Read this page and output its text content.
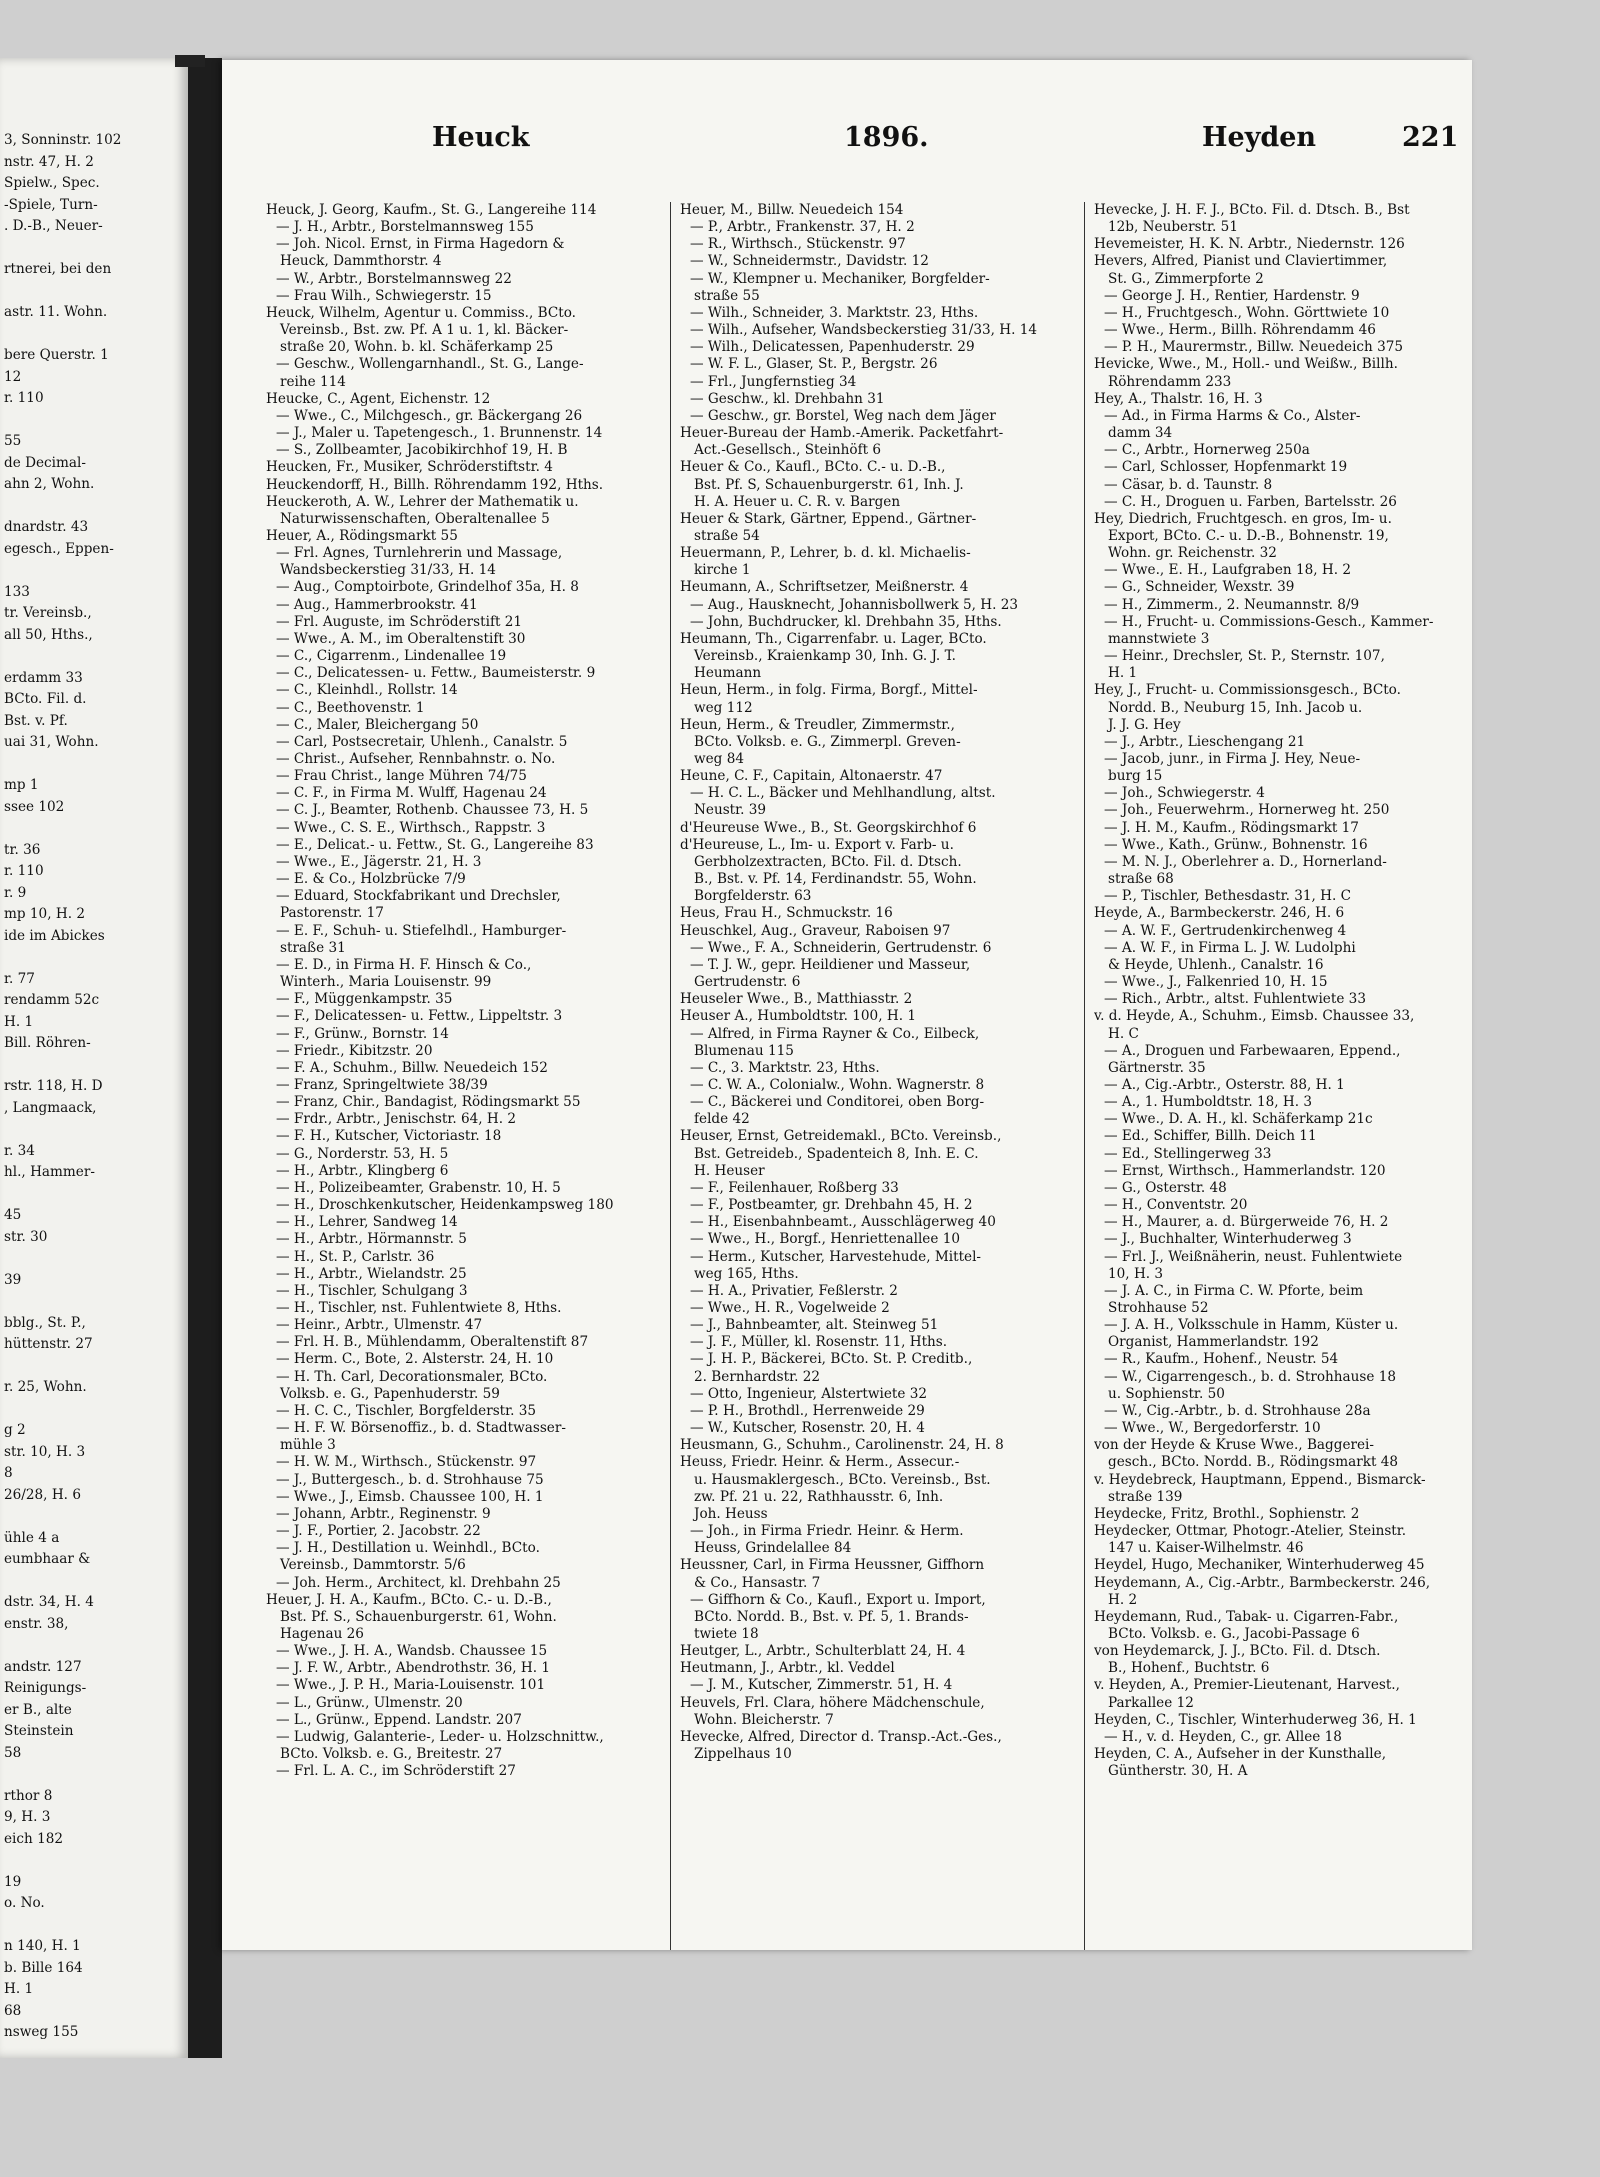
3, Sonninstr. 102
nstr. 47, H. 2
Spielw., Spec.
-Spiele, Turn-
. D.-B., Neuer-

rtnerei, bei den

astr. 11. Wohn.

bere Querstr. 1
12
r. 110

55
de Decimal-
ahn 2, Wohn.

dnardstr. 43
egesch., Eppen-

133
tr. Vereinsb.,
all 50, Hths.,

erdamm 33
BCto. Fil. d.
Bst. v. Pf.
uai 31, Wohn.

mp 1
ssee 102

tr. 36
r. 110
r. 9
mp 10, H. 2
ide im Abickes

r. 77
rendamm 52c
H. 1
Bill. Röhren-

rstr. 118, H. D
, Langmaack,

r. 34
hl., Hammer-

45
str. 30

39

bblg., St. P.,
hüttenstr. 27

r. 25, Wohn.

g 2
str. 10, H. 3
8
26/28, H. 6

ühle 4 a
eumbhaar &

dstr. 34, H. 4
enstr. 38,

andstr. 127
Reinigungs-
er B., alte
Steinstein
58

rthor 8
9, H. 3
eich 182

19
o. No.

n 140, H. 1
b. Bille 164
H. 1
68
nsweg 155
Heuck	1896.	Heyden	221
Heuck, J. Georg, Kaufm., St. G., Langereihe 114
— J. H., Arbtr., Borstelmannsweg 155
— Joh. Nicol. Ernst, in Firma Hagedorn &
Heuck, Dammthorstr. 4
— W., Arbtr., Borstelmannsweg 22
— Frau Wilh., Schwiegerstr. 15
Heuck, Wilhelm, Agentur u. Commiss., BCto.
Vereinsb., Bst. zw. Pf. A 1 u. 1, kl. Bäcker-
straße 20, Wohn. b. kl. Schäferkamp 25
— Geschw., Wollengarnhandl., St. G., Lange-
reihe 114
Heucke, C., Agent, Eichenstr. 12
— Wwe., C., Milchgesch., gr. Bäckergang 26
— J., Maler u. Tapetengesch., 1. Brunnenstr. 14
— S., Zollbeamter, Jacobikirchhof 19, H. B
Heucken, Fr., Musiker, Schröderstiftstr. 4
Heuckendorff, H., Billh. Röhrendamm 192, Hths.
Heuckeroth, A. W., Lehrer der Mathematik u.
Naturwissenschaften, Oberaltenallee 5
Heuer, A., Rödingsmarkt 55
— Frl. Agnes, Turnlehrerin und Massage,
Wandsbeckerstieg 31/33, H. 14
— Aug., Comptoirbote, Grindelhof 35a, H. 8
— Aug., Hammerbrookstr. 41
— Frl. Auguste, im Schröderstift 21
— Wwe., A. M., im Oberaltenstift 30
— C., Cigarrenm., Lindenallee 19
— C., Delicatessen- u. Fettw., Baumeisterstr. 9
— C., Kleinhdl., Rollstr. 14
— C., Beethovenstr. 1
— C., Maler, Bleichergang 50
— Carl, Postsecretair, Uhlenh., Canalstr. 5
— Christ., Aufseher, Rennbahnstr. o. No.
— Frau Christ., lange Mühren 74/75
— C. F., in Firma M. Wulff, Hagenau 24
— C. J., Beamter, Rothenb. Chaussee 73, H. 5
— Wwe., C. S. E., Wirthsch., Rappstr. 3
— E., Delicat.- u. Fettw., St. G., Langereihe 83
— Wwe., E., Jägerstr. 21, H. 3
— E. & Co., Holzbrücke 7/9
— Eduard, Stockfabrikant und Drechsler,
Pastorenstr. 17
— E. F., Schuh- u. Stiefelhdl., Hamburger-
straße 31
— E. D., in Firma H. F. Hinsch & Co.,
Winterh., Maria Louisenstr. 99
— F., Müggenkampstr. 35
— F., Delicatessen- u. Fettw., Lippeltstr. 3
— F., Grünw., Bornstr. 14
— Friedr., Kibitzstr. 20
— F. A., Schuhm., Billw. Neuedeich 152
— Franz, Springeltwiete 38/39
— Franz, Chir., Bandagist, Rödingsmarkt 55
— Frdr., Arbtr., Jenischstr. 64, H. 2
— F. H., Kutscher, Victoriastr. 18
— G., Norderstr. 53, H. 5
— H., Arbtr., Klingberg 6
— H., Polizeibeamter, Grabenstr. 10, H. 5
— H., Droschkenkutscher, Heidenkampsweg 180
— H., Lehrer, Sandweg 14
— H., Arbtr., Hörmannstr. 5
— H., St. P., Carlstr. 36
— H., Arbtr., Wielandstr. 25
— H., Tischler, Schulgang 3
— H., Tischler, nst. Fuhlentwiete 8, Hths.
— Heinr., Arbtr., Ulmenstr. 47
— Frl. H. B., Mühlendamm, Oberaltenstift 87
— Herm. C., Bote, 2. Alsterstr. 24, H. 10
— H. Th. Carl, Decorationsmaler, BCto.
Volksb. e. G., Papenhuderstr. 59
— H. C. C., Tischler, Borgfelderstr. 35
— H. F. W. Börsenoffiz., b. d. Stadtwasser-
mühle 3
— H. W. M., Wirthsch., Stückenstr. 97
— J., Buttergesch., b. d. Strohhause 75
— Wwe., J., Eimsb. Chaussee 100, H. 1
— Johann, Arbtr., Reginenstr. 9
— J. F., Portier, 2. Jacobstr. 22
— J. H., Destillation u. Weinhdl., BCto.
Vereinsb., Dammtorstr. 5/6
— Joh. Herm., Architect, kl. Drehbahn 25
Heuer, J. H. A., Kaufm., BCto. C.- u. D.-B.,
Bst. Pf. S., Schauenburgerstr. 61, Wohn.
Hagenau 26
— Wwe., J. H. A., Wandsb. Chaussee 15
— J. F. W., Arbtr., Abendrothstr. 36, H. 1
— Wwe., J. P. H., Maria-Louisenstr. 101
— L., Grünw., Ulmenstr. 20
— L., Grünw., Eppend. Landstr. 207
— Ludwig, Galanterie-, Leder- u. Holzschnittw.,
BCto. Volksb. e. G., Breitestr. 27
— Frl. L. A. C., im Schröderstift 27
Heuer, M., Billw. Neuedeich 154
— P., Arbtr., Frankenstr. 37, H. 2
— R., Wirthsch., Stückenstr. 97
— W., Schneidermstr., Davidstr. 12
— W., Klempner u. Mechaniker, Borgfelder-
straße 55
— Wilh., Schneider, 3. Marktstr. 23, Hths.
— Wilh., Aufseher, Wandsbeckerstieg 31/33, H. 14
— Wilh., Delicatessen, Papenhuderstr. 29
— W. F. L., Glaser, St. P., Bergstr. 26
— Frl., Jungfernstieg 34
— Geschw., kl. Drehbahn 31
— Geschw., gr. Borstel, Weg nach dem Jäger
Heuer-Bureau der Hamb.-Amerik. Packetfahrt-
Act.-Gesellsch., Steinhöft 6
Heuer & Co., Kaufl., BCto. C.- u. D.-B.,
Bst. Pf. S, Schauenburgerstr. 61, Inh. J.
H. A. Heuer u. C. R. v. Bargen
Heuer & Stark, Gärtner, Eppend., Gärtner-
straße 54
Heuermann, P., Lehrer, b. d. kl. Michaelis-
kirche 1
Heumann, A., Schriftsetzer, Meißnerstr. 4
— Aug., Hausknecht, Johannisbollwerk 5, H. 23
— John, Buchdrucker, kl. Drehbahn 35, Hths.
Heumann, Th., Cigarrenfabr. u. Lager, BCto.
Vereinsb., Kraienkamp 30, Inh. G. J. T.
Heumann
Heun, Herm., in folg. Firma, Borgf., Mittel-
weg 112
Heun, Herm., & Treudler, Zimmermstr.,
BCto. Volksb. e. G., Zimmerpl. Greven-
weg 84
Heune, C. F., Capitain, Altonaerstr. 47
— H. C. L., Bäcker und Mehlhandlung, altst.
Neustr. 39
d'Heureuse Wwe., B., St. Georgskirchhof 6
d'Heureuse, L., Im- u. Export v. Farb- u.
Gerbholzextracten, BCto. Fil. d. Dtsch.
B., Bst. v. Pf. 14, Ferdinandstr. 55, Wohn.
Borgfelderstr. 63
Heus, Frau H., Schmuckstr. 16
Heuschkel, Aug., Graveur, Raboisen 97
— Wwe., F. A., Schneiderin, Gertrudenstr. 6
— T. J. W., gepr. Heildiener und Masseur,
Gertrudenstr. 6
Heuseler Wwe., B., Matthiasstr. 2
Heuser A., Humboldtstr. 100, H. 1
— Alfred, in Firma Rayner & Co., Eilbeck,
Blumenau 115
— C., 3. Marktstr. 23, Hths.
— C. W. A., Colonialw., Wohn. Wagnerstr. 8
— C., Bäckerei und Conditorei, oben Borg-
felde 42
Heuser, Ernst, Getreidemakl., BCto. Vereinsb.,
Bst. Getreideb., Spadenteich 8, Inh. E. C.
H. Heuser
— F., Feilenhauer, Roßberg 33
— F., Postbeamter, gr. Drehbahn 45, H. 2
— H., Eisenbahnbeamt., Ausschlägerweg 40
— Wwe., H., Borgf., Henriettenallee 10
— Herm., Kutscher, Harvestehude, Mittel-
weg 165, Hths.
— H. A., Privatier, Feßlerstr. 2
— Wwe., H. R., Vogelweide 2
— J., Bahnbeamter, alt. Steinweg 51
— J. F., Müller, kl. Rosenstr. 11, Hths.
— J. H. P., Bäckerei, BCto. St. P. Creditb.,
2. Bernhardstr. 22
— Otto, Ingenieur, Alstertwiete 32
— P. H., Brothdl., Herrenweide 29
— W., Kutscher, Rosenstr. 20, H. 4
Heusmann, G., Schuhm., Carolinenstr. 24, H. 8
Heuss, Friedr. Heinr. & Herm., Assecur.-
u. Hausmaklergesch., BCto. Vereinsb., Bst.
zw. Pf. 21 u. 22, Rathhausstr. 6, Inh.
Joh. Heuss
— Joh., in Firma Friedr. Heinr. & Herm.
Heuss, Grindelallee 84
Heussner, Carl, in Firma Heussner, Giffhorn
& Co., Hansastr. 7
— Giffhorn & Co., Kaufl., Export u. Import,
BCto. Nordd. B., Bst. v. Pf. 5, 1. Brands-
twiete 18
Heutger, L., Arbtr., Schulterblatt 24, H. 4
Heutmann, J., Arbtr., kl. Veddel
— J. M., Kutscher, Zimmerstr. 51, H. 4
Heuvels, Frl. Clara, höhere Mädchenschule,
Wohn. Bleicherstr. 7
Hevecke, Alfred, Director d. Transp.-Act.-Ges.,
Zippelhaus 10
Hevecke, J. H. F. J., BCto. Fil. d. Dtsch. B., Bst
12b, Neuberstr. 51
Hevemeister, H. K. N. Arbtr., Niedernstr. 126
Hevers, Alfred, Pianist und Claviertimmer,
St. G., Zimmerpforte 2
— George J. H., Rentier, Hardenstr. 9
— H., Fruchtgesch., Wohn. Görttwiete 10
— Wwe., Herm., Billh. Röhrendamm 46
— P. H., Maurermstr., Billw. Neuedeich 375
Hevicke, Wwe., M., Holl.- und Weißw., Billh.
Röhrendamm 233
Hey, A., Thalstr. 16, H. 3
— Ad., in Firma Harms & Co., Alster-
damm 34
— C., Arbtr., Hornerweg 250a
— Carl, Schlosser, Hopfenmarkt 19
— Cäsar, b. d. Taunstr. 8
— C. H., Droguen u. Farben, Bartelsstr. 26
Hey, Diedrich, Fruchtgesch. en gros, Im- u.
Export, BCto. C.- u. D.-B., Bohnenstr. 19,
Wohn. gr. Reichenstr. 32
— Wwe., E. H., Laufgraben 18, H. 2
— G., Schneider, Wexstr. 39
— H., Zimmerm., 2. Neumannstr. 8/9
— H., Frucht- u. Commissions-Gesch., Kammer-
mannstwiete 3
— Heinr., Drechsler, St. P., Sternstr. 107,
H. 1
Hey, J., Frucht- u. Commissionsgesch., BCto.
Nordd. B., Neuburg 15, Inh. Jacob u.
J. J. G. Hey
— J., Arbtr., Lieschengang 21
— Jacob, junr., in Firma J. Hey, Neue-
burg 15
— Joh., Schwiegerstr. 4
— Joh., Feuerwehrm., Hornerweg ht. 250
— J. H. M., Kaufm., Rödingsmarkt 17
— Wwe., Kath., Grünw., Bohnenstr. 16
— M. N. J., Oberlehrer a. D., Hornerland-
straße 68
— P., Tischler, Bethesdastr. 31, H. C
Heyde, A., Barmbeckerstr. 246, H. 6
— A. W. F., Gertrudenkirchenweg 4
— A. W. F., in Firma L. J. W. Ludolphi
& Heyde, Uhlenh., Canalstr. 16
— Wwe., J., Falkenried 10, H. 15
— Rich., Arbtr., altst. Fuhlentwiete 33
v. d. Heyde, A., Schuhm., Eimsb. Chaussee 33,
H. C
— A., Droguen und Farbewaaren, Eppend.,
Gärtnerstr. 35
— A., Cig.-Arbtr., Osterstr. 88, H. 1
— A., 1. Humboldtstr. 18, H. 3
— Wwe., D. A. H., kl. Schäferkamp 21c
— Ed., Schiffer, Billh. Deich 11
— Ed., Stellingerweg 33
— Ernst, Wirthsch., Hammerlandstr. 120
— G., Osterstr. 48
— H., Conventstr. 20
— H., Maurer, a. d. Bürgerweide 76, H. 2
— J., Buchhalter, Winterhuderweg 3
— Frl. J., Weißnäherin, neust. Fuhlentwiete
10, H. 3
— J. A. C., in Firma C. W. Pforte, beim
Strohhause 52
— J. A. H., Volksschule in Hamm, Küster u.
Organist, Hammerlandstr. 192
— R., Kaufm., Hohenf., Neustr. 54
— W., Cigarrengesch., b. d. Strohhause 18
u. Sophienstr. 50
— W., Cig.-Arbtr., b. d. Strohhause 28a
— Wwe., W., Bergedorferstr. 10
von der Heyde & Kruse Wwe., Baggerei-
gesch., BCto. Nordd. B., Rödingsmarkt 48
v. Heydebreck, Hauptmann, Eppend., Bismarck-
straße 139
Heydecke, Fritz, Brothl., Sophienstr. 2
Heydecker, Ottmar, Photogr.-Atelier, Steinstr.
147 u. Kaiser-Wilhelmstr. 46
Heydel, Hugo, Mechaniker, Winterhuderweg 45
Heydemann, A., Cig.-Arbtr., Barmbeckerstr. 246,
H. 2
Heydemann, Rud., Tabak- u. Cigarren-Fabr.,
BCto. Volksb. e. G., Jacobi-Passage 6
von Heydemarck, J. J., BCto. Fil. d. Dtsch.
B., Hohenf., Buchtstr. 6
v. Heyden, A., Premier-Lieutenant, Harvest.,
Parkallee 12
Heyden, C., Tischler, Winterhuderweg 36, H. 1
— H., v. d. Heyden, C., gr. Allee 18
Heyden, C. A., Aufseher in der Kunsthalle,
Güntherstr. 30, H. A
